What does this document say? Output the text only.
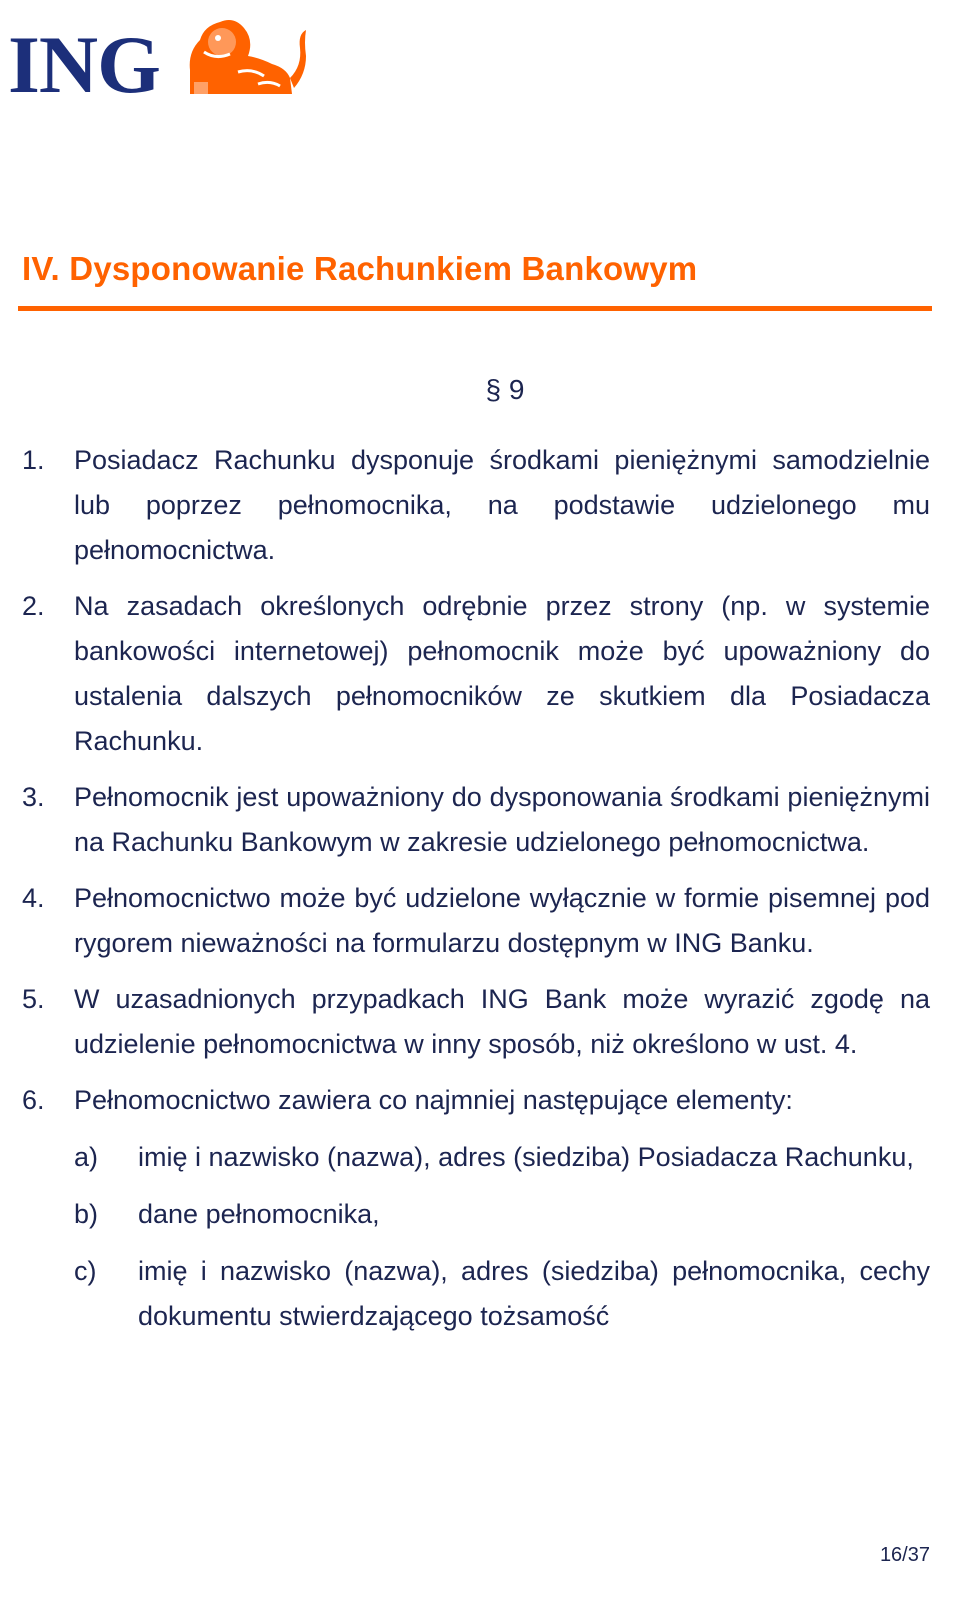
ING
IV. Dysponowanie Rachunkiem Bankowym
§ 9
1.	Posiadacz Rachunku dysponuje środkami pieniężnymi samodzielnie lub poprzez pełnomocnika, na podstawie udzielonego mu pełnomocnictwa.
2.	Na zasadach określonych odrębnie przez strony (np. w systemie bankowości internetowej) pełnomocnik może być upoważniony do ustalenia dalszych pełnomocników ze skutkiem dla Posiadacza Rachunku.
3.	Pełnomocnik jest upoważniony do dysponowania środkami pieniężnymi na Rachunku Bankowym w zakresie udzielonego pełnomocnictwa.
4.	Pełnomocnictwo może być udzielone wyłącznie w formie pisemnej pod rygorem nieważności na formularzu dostępnym w ING Banku.
5.	W uzasadnionych przypadkach ING Bank może wyrazić zgodę na udzielenie pełnomocnictwa w inny sposób, niż określono w ust. 4.
6.	Pełnomocnictwo zawiera co najmniej następujące elementy:
a)	imię i nazwisko (nazwa), adres (siedziba) Posiadacza Rachunku,
b)	dane pełnomocnika,
c)	imię i nazwisko (nazwa), adres (siedziba) pełnomocnika, cechy dokumentu stwierdzającego tożsamość
16/37
